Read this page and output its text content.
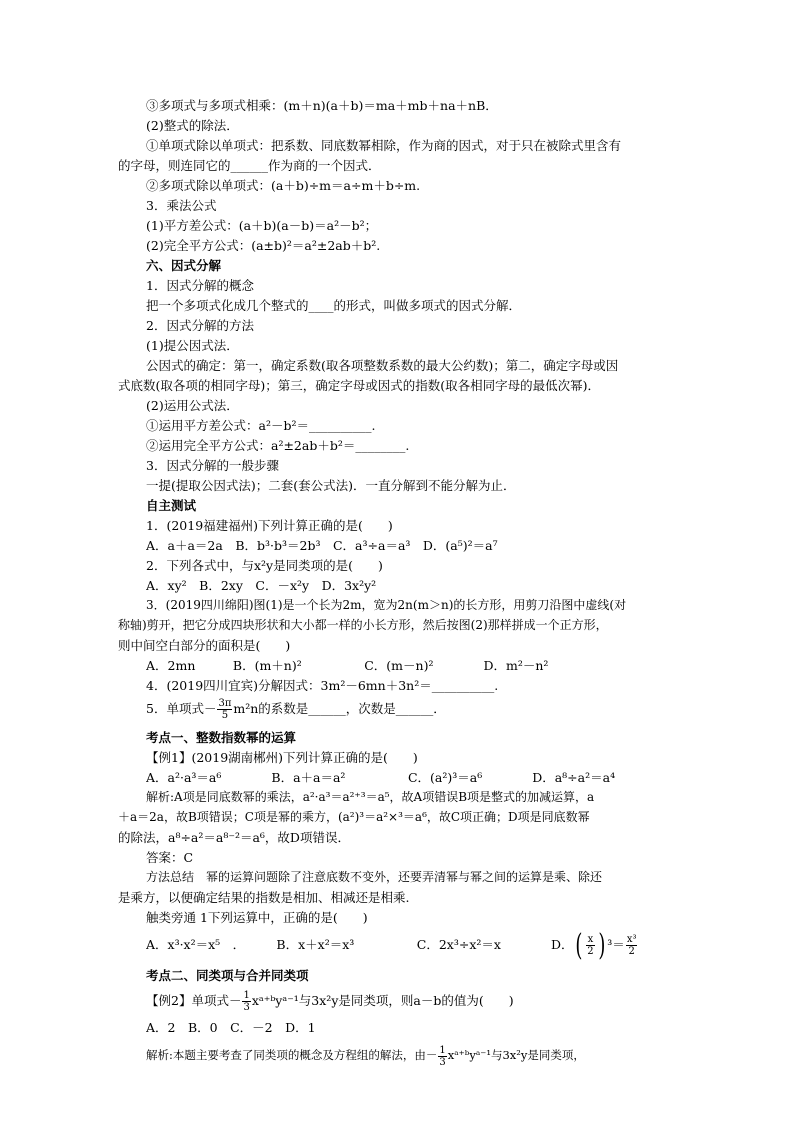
③多项式与多项式相乘：(m＋n)(a＋b)＝ma＋mb＋na＋nB．
(2)整式的除法．
①单项式除以单项式：把系数、同底数幂相除，作为商的因式，对于只在被除式里含有
的字母，则连同它的______作为商的一个因式．
②多项式除以单项式：(a＋b)÷m＝a÷m＋b÷m.
3．乘法公式
(1)平方差公式：(a＋b)(a－b)＝a²－b²；
(2)完全平方公式：(a±b)²＝a²±2ab＋b².
六、因式分解
1．因式分解的概念
把一个多项式化成几个整式的____的形式，叫做多项式的因式分解．
2．因式分解的方法
(1)提公因式法．
公因式的确定：第一，确定系数(取各项整数系数的最大公约数)；第二，确定字母或因
式底数(取各项的相同字母)；第三，确定字母或因式的指数(取各相同字母的最低次幂)．
(2)运用公式法．
①运用平方差公式：a²－b²＝__________.
②运用完全平方公式：a²±2ab＋b²＝________.
3．因式分解的一般步骤
一提(提取公因式法)；二套(套公式法)．一直分解到不能分解为止．
自主测试
1．(2019福建福州)下列计算正确的是(　　)
A．a＋a＝2a　B．b³·b³＝2b³　C．a³÷a＝a³　D．(a⁵)²＝a⁷
2．下列各式中，与x²y是同类项的是(　　)
A．xy²　B．2xy　C．－x²y　D．3x²y²
3．(2019四川绵阳)图(1)是一个长为2m，宽为2n(m＞n)的长方形，用剪刀沿图中虚线(对
称轴)剪开，把它分成四块形状和大小都一样的小长方形，然后按图(2)那样拼成一个正方形，
则中间空白部分的面积是(　　)
A．2mn　　　B．(m＋n)²　　　　　C．(m－n)²　　　　D．m²－n²
4．(2019四川宜宾)分解因式：3m²－6mn＋3n²＝__________.
5．单项式－ $\frac{3\pi}{5} m^2n$的系数是______，次数是______．
考点一、整数指数幂的运算
【例1】(2019湖南郴州)下列计算正确的是(　　)
A．a²·a³＝a⁶　　　　B．a＋a＝a²　　　　　C．(a²)³＝a⁶　　　　D．a⁸÷a²＝a⁴
解析:A项是同底数幂的乘法，a²·a³＝a²⁺³＝a⁵，故A项错误B项是整式的加减运算，a
＋a＝2a，故B项错误；C项是幂的乘方，(a²)³＝a²×³＝a⁶，故C项正确；D项是同底数幂
的除法，a⁸÷a²＝a⁸⁻²＝a⁶，故D项错误．
答案：C
方法总结　幂的运算问题除了注意底数不变外，还要弄清幂与幂之间的运算是乘、除还
是乘方，以便确定结果的指数是相加、相减还是相乘.
触类旁通 1下列运算中，正确的是(　　)
A．x³·x²＝x⁵　．　　　B．x＋x²＝x³　　　　　C．2x³÷x²＝x　　　　D．( $\frac{x}{2}$ ) $^3= \frac{\text{x³}}{2}$
考点二、同类项与合并同类项
【例2】单项式－ $\frac{1}{3}$ xᵃ⁺ᵇyᵃ⁻¹与3x²y是同类项，则a－b的值为(　　)
A．2　B．0　C．－2　D．1
解析:本题主要考查了同类项的概念及方程组的解法，由－ $\frac{1}{3}$ xᵃ⁺ᵇyᵃ⁻¹与3x²y是同类项，
